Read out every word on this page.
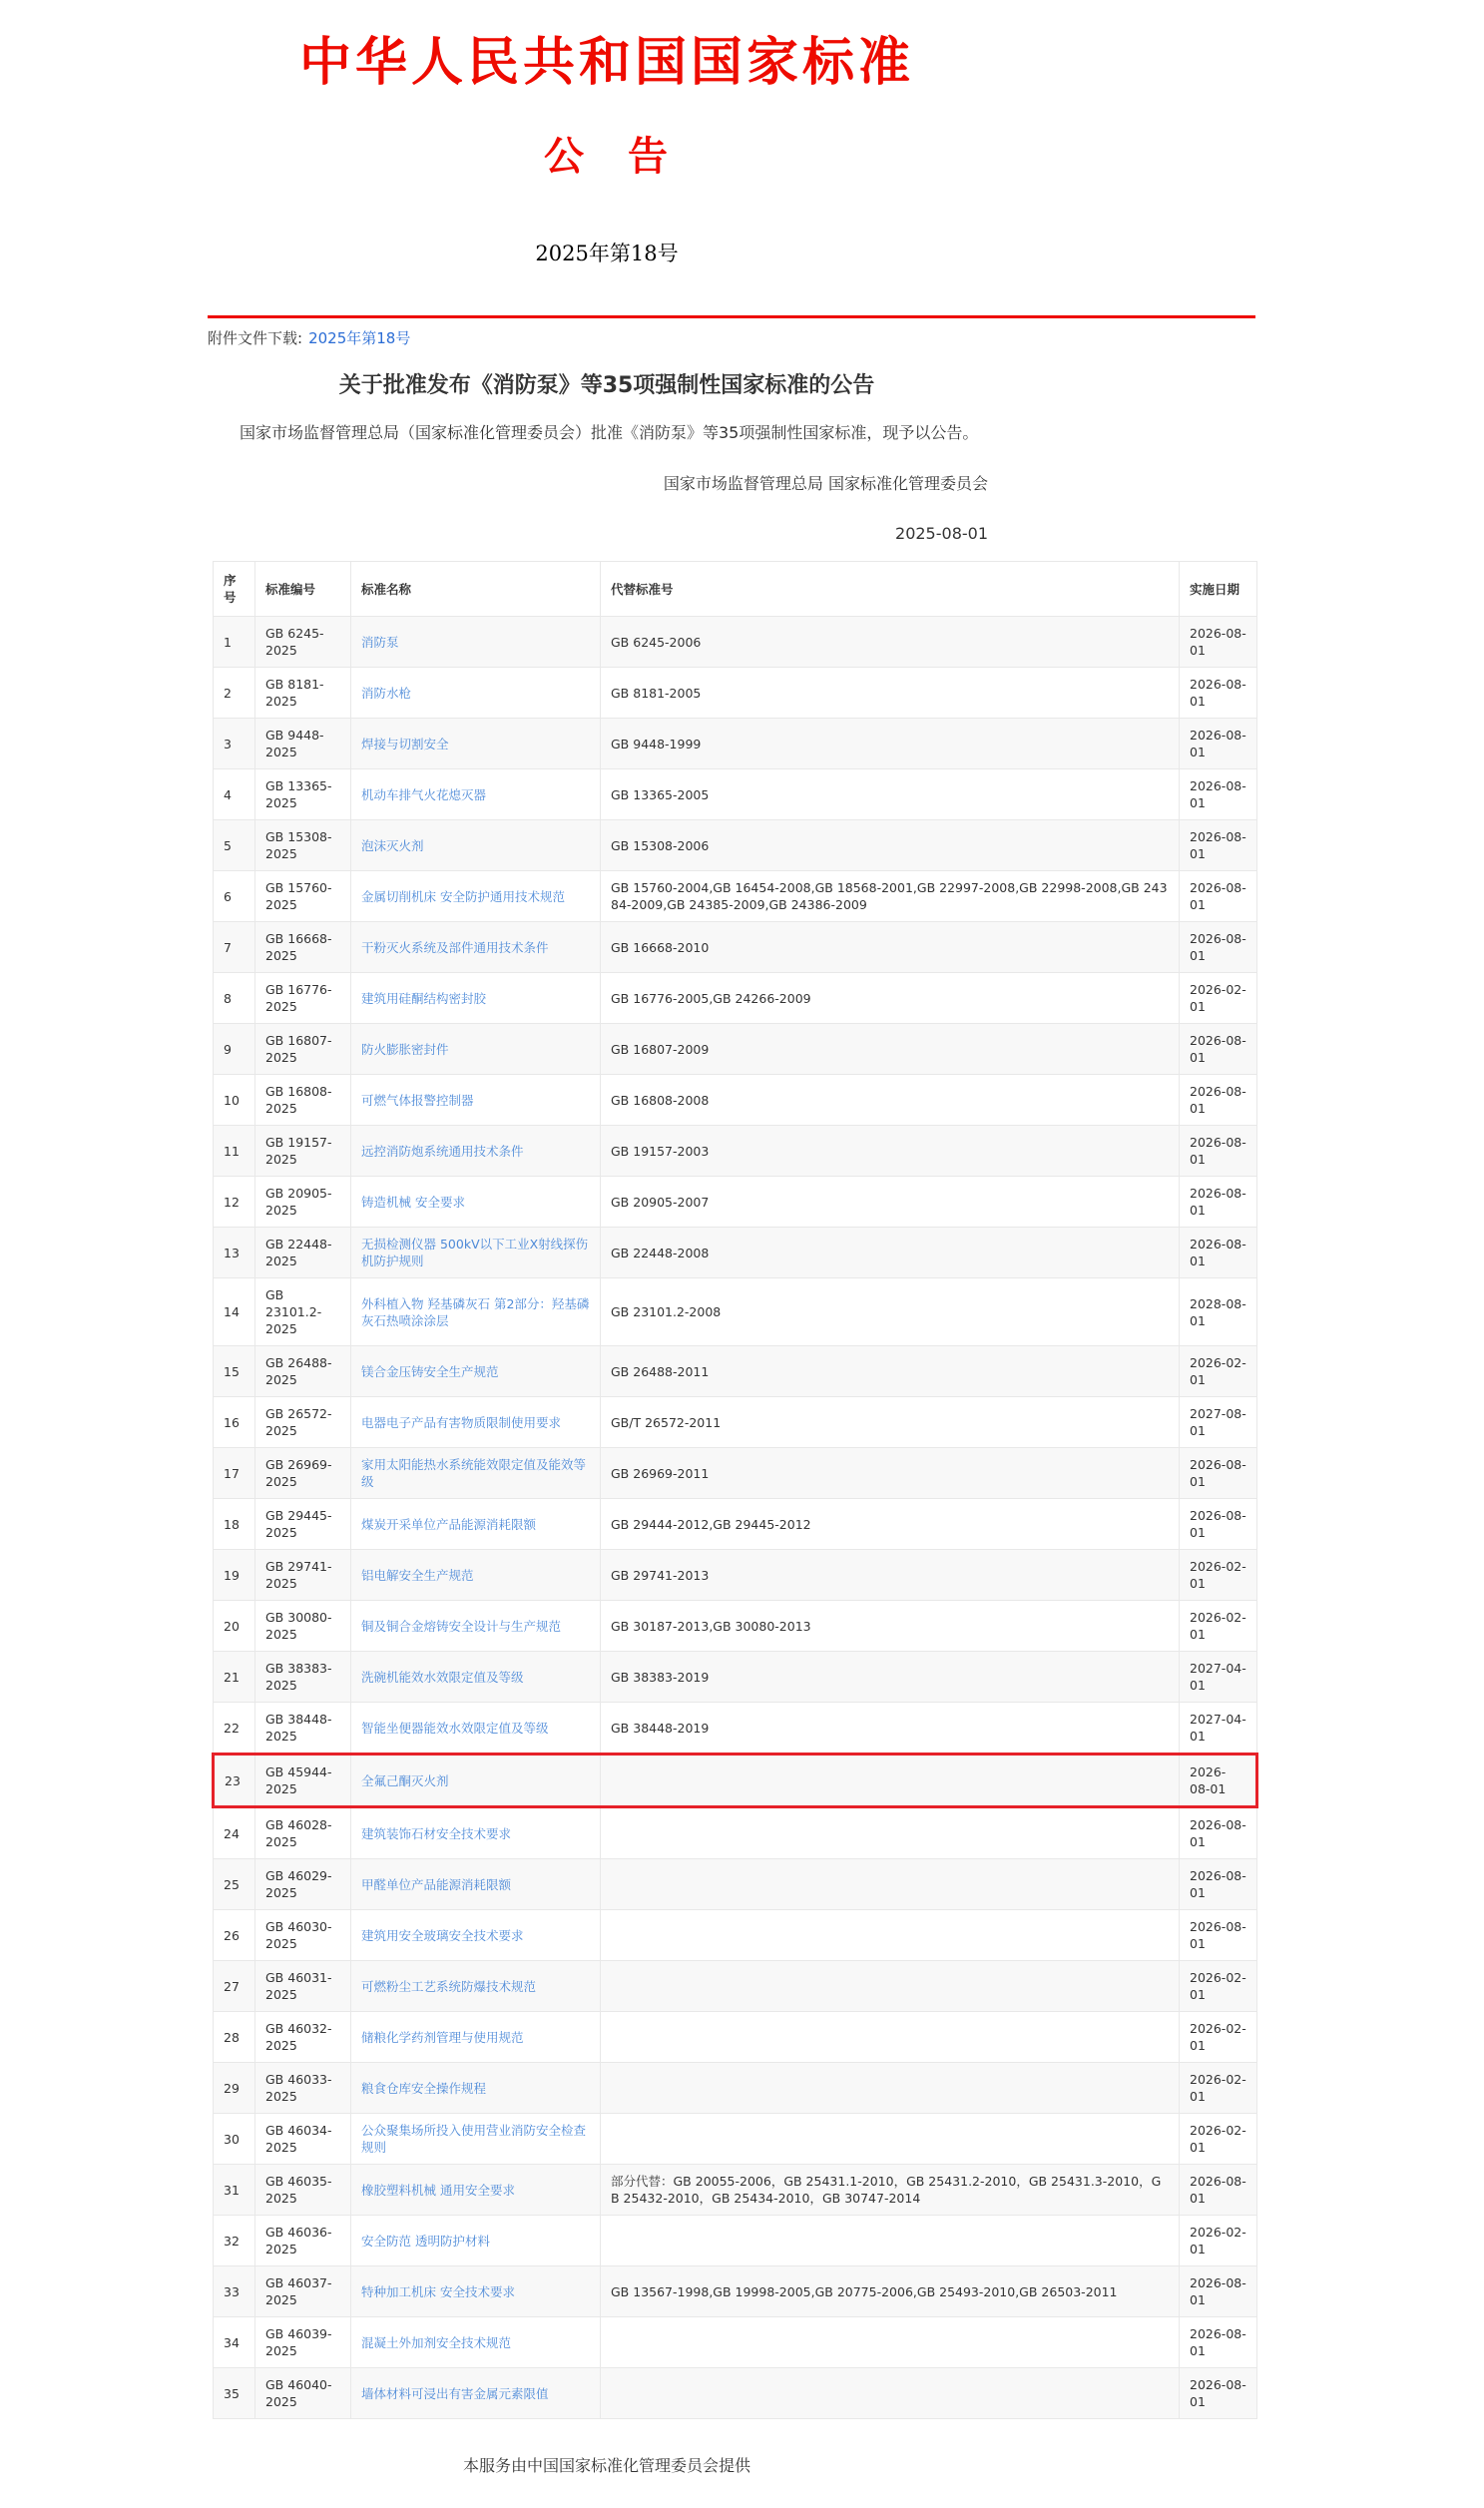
中华人民共和国国家标准
公　告
2025年第18号
附件文件下载: 2025年第18号
关于批准发布《消防泵》等35项强制性国家标准的公告

国家市场监督管理总局（国家标准化管理委员会）批准《消防泵》等35项强制性国家标准，现予以公告。

国家市场监督管理总局 国家标准化管理委员会

2025-08-01

序号	标准编号	标准名称	代替标准号	实施日期
1	GB 6245-2025	消防泵	GB 6245-2006	2026-08-01
2	GB 8181-2025	消防水枪	GB 8181-2005	2026-08-01
3	GB 9448-2025	焊接与切割安全	GB 9448-1999	2026-08-01
4	GB 13365-2025	机动车排气火花熄灭器	GB 13365-2005	2026-08-01
5	GB 15308-2025	泡沫灭火剂	GB 15308-2006	2026-08-01
6	GB 15760-2025	金属切削机床 安全防护通用技术规范	GB 15760-2004,GB 16454-2008,GB 18568-2001,GB 22997-2008,GB 22998-2008,GB 24384-2009,GB 24385-2009,GB 24386-2009	2026-08-01
7	GB 16668-2025	干粉灭火系统及部件通用技术条件	GB 16668-2010	2026-08-01
8	GB 16776-2025	建筑用硅酮结构密封胶	GB 16776-2005,GB 24266-2009	2026-02-01
9	GB 16807-2025	防火膨胀密封件	GB 16807-2009	2026-08-01
10	GB 16808-2025	可燃气体报警控制器	GB 16808-2008	2026-08-01
11	GB 19157-2025	远控消防炮系统通用技术条件	GB 19157-2003	2026-08-01
12	GB 20905-2025	铸造机械 安全要求	GB 20905-2007	2026-08-01
13	GB 22448-2025	无损检测仪器 500kV以下工业X射线探伤机防护规则	GB 22448-2008	2026-08-01
14	GB 23101.2-2025	外科植入物 羟基磷灰石 第2部分：羟基磷灰石热喷涂涂层	GB 23101.2-2008	2028-08-01
15	GB 26488-2025	镁合金压铸安全生产规范	GB 26488-2011	2026-02-01
16	GB 26572-2025	电器电子产品有害物质限制使用要求	GB/T 26572-2011	2027-08-01
17	GB 26969-2025	家用太阳能热水系统能效限定值及能效等级	GB 26969-2011	2026-08-01
18	GB 29445-2025	煤炭开采单位产品能源消耗限额	GB 29444-2012,GB 29445-2012	2026-08-01
19	GB 29741-2025	铝电解安全生产规范	GB 29741-2013	2026-02-01
20	GB 30080-2025	铜及铜合金熔铸安全设计与生产规范	GB 30187-2013,GB 30080-2013	2026-02-01
21	GB 38383-2025	洗碗机能效水效限定值及等级	GB 38383-2019	2027-04-01
22	GB 38448-2025	智能坐便器能效水效限定值及等级	GB 38448-2019	2027-04-01
23	GB 45944-2025	全氟己酮灭火剂		2026-08-01
24	GB 46028-2025	建筑装饰石材安全技术要求		2026-08-01
25	GB 46029-2025	甲醛单位产品能源消耗限额		2026-08-01
26	GB 46030-2025	建筑用安全玻璃安全技术要求		2026-08-01
27	GB 46031-2025	可燃粉尘工艺系统防爆技术规范		2026-02-01
28	GB 46032-2025	储粮化学药剂管理与使用规范		2026-02-01
29	GB 46033-2025	粮食仓库安全操作规程		2026-02-01
30	GB 46034-2025	公众聚集场所投入使用营业消防安全检查规则		2026-02-01
31	GB 46035-2025	橡胶塑料机械 通用安全要求	部分代替：GB 20055-2006，GB 25431.1-2010，GB 25431.2-2010，GB 25431.3-2010，GB 25432-2010，GB 25434-2010，GB 30747-2014	2026-08-01
32	GB 46036-2025	安全防范 透明防护材料		2026-02-01
33	GB 46037-2025	特种加工机床 安全技术要求	GB 13567-1998,GB 19998-2005,GB 20775-2006,GB 25493-2010,GB 26503-2011	2026-08-01
34	GB 46039-2025	混凝土外加剂安全技术规范		2026-08-01
35	GB 46040-2025	墙体材料可浸出有害金属元素限值		2026-08-01
本服务由中国国家标准化管理委员会提供
